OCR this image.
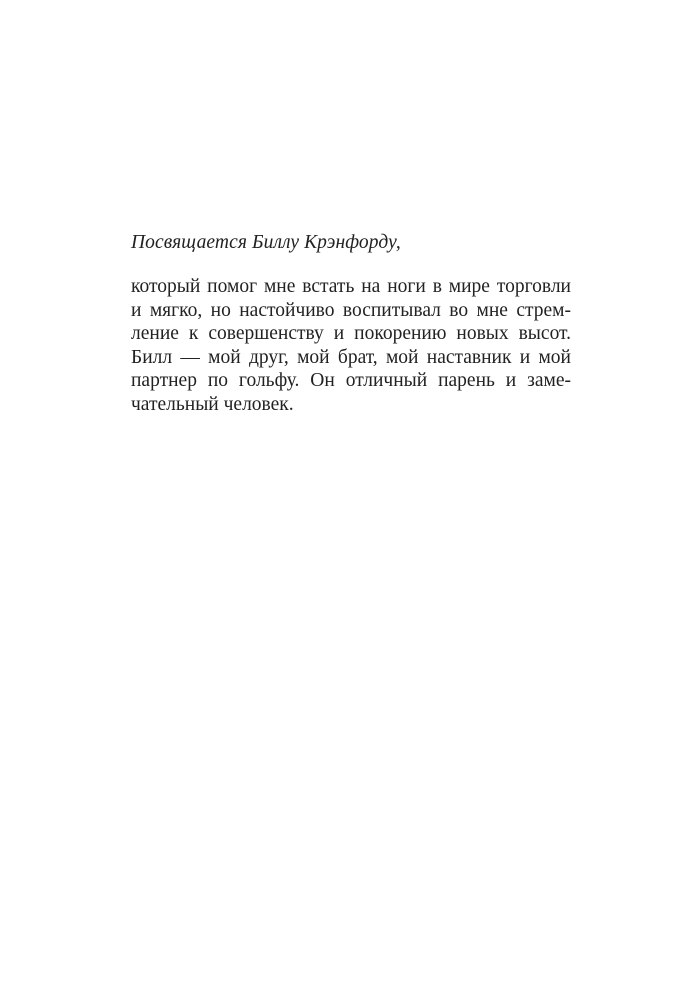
Посвящается Биллу Крэнфорду,

который помог мне встать на ноги в мире торговли
и мягко, но настойчиво воспитывал во мне стрем-
ление к совершенству и покорению новых высот.
Билл — мой друг, мой брат, мой наставник и мой
партнер по гольфу. Он отличный парень и заме-
чательный человек.
